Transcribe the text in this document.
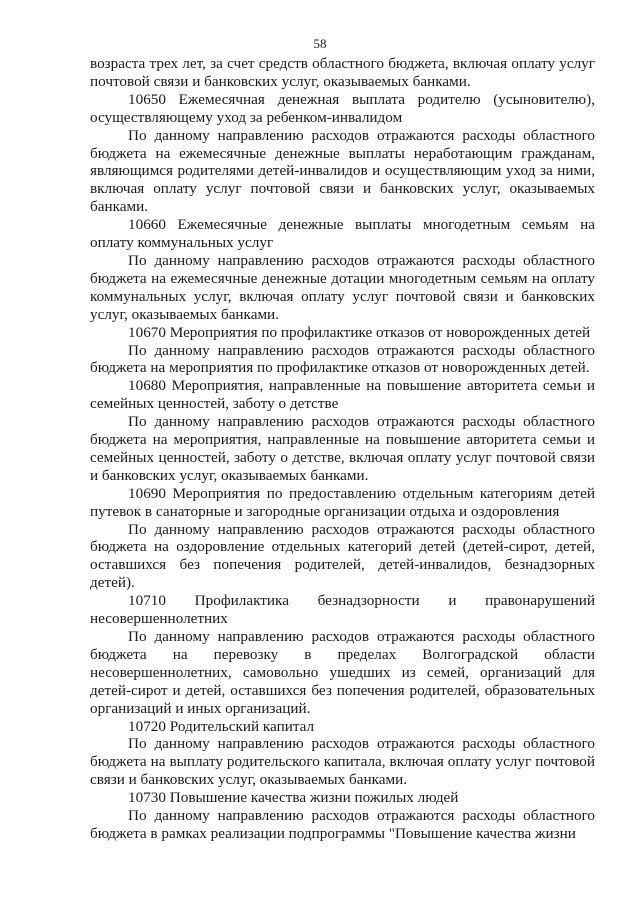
58

возраста трех лет, за счет средств областного бюджета, включая оплату услуг почтовой связи и банковских услуг, оказываемых банками.

10650 Ежемесячная денежная выплата родителю (усыновителю), осуществляющему уход за ребенком-инвалидом

По данному направлению расходов отражаются расходы областного бюджета на ежемесячные денежные выплаты неработающим гражданам, являющимся родителями детей-инвалидов и осуществляющим уход за ними, включая оплату услуг почтовой связи и банковских услуг, оказываемых банками.

10660 Ежемесячные денежные выплаты многодетным семьям на оплату коммунальных услуг

По данному направлению расходов отражаются расходы областного бюджета на ежемесячные денежные дотации многодетным семьям на оплату коммунальных услуг, включая оплату услуг почтовой связи и банковских услуг, оказываемых банками.

10670 Мероприятия по профилактике отказов от новорожденных детей

По данному направлению расходов отражаются расходы областного бюджета на мероприятия по профилактике отказов от новорожденных детей.

10680 Мероприятия, направленные на повышение авторитета семьи и семейных ценностей, заботу о детстве

По данному направлению расходов отражаются расходы областного бюджета на мероприятия, направленные на повышение авторитета семьи и семейных ценностей, заботу о детстве, включая оплату услуг почтовой связи и банковских услуг, оказываемых банками.

10690 Мероприятия по предоставлению отдельным категориям детей путевок в санаторные и загородные организации отдыха и оздоровления

По данному направлению расходов отражаются расходы областного бюджета на оздоровление отдельных категорий детей (детей-сирот, детей, оставшихся без попечения родителей, детей-инвалидов, безнадзорных детей).

10710 Профилактика безнадзорности и правонарушений

несовершеннолетних

По данному направлению расходов отражаются расходы областного бюджета на перевозку в пределах Волгоградской области несовершеннолетних, самовольно ушедших из семей, организаций для детей-сирот и детей, оставшихся без попечения родителей, образовательных организаций и иных организаций.

10720 Родительский капитал

По данному направлению расходов отражаются расходы областного бюджета на выплату родительского капитала, включая оплату услуг почтовой связи и банковских услуг, оказываемых банками.

10730 Повышение качества жизни пожилых людей

По данному направлению расходов отражаются расходы областного бюджета в рамках реализации подпрограммы "Повышение качества жизни
